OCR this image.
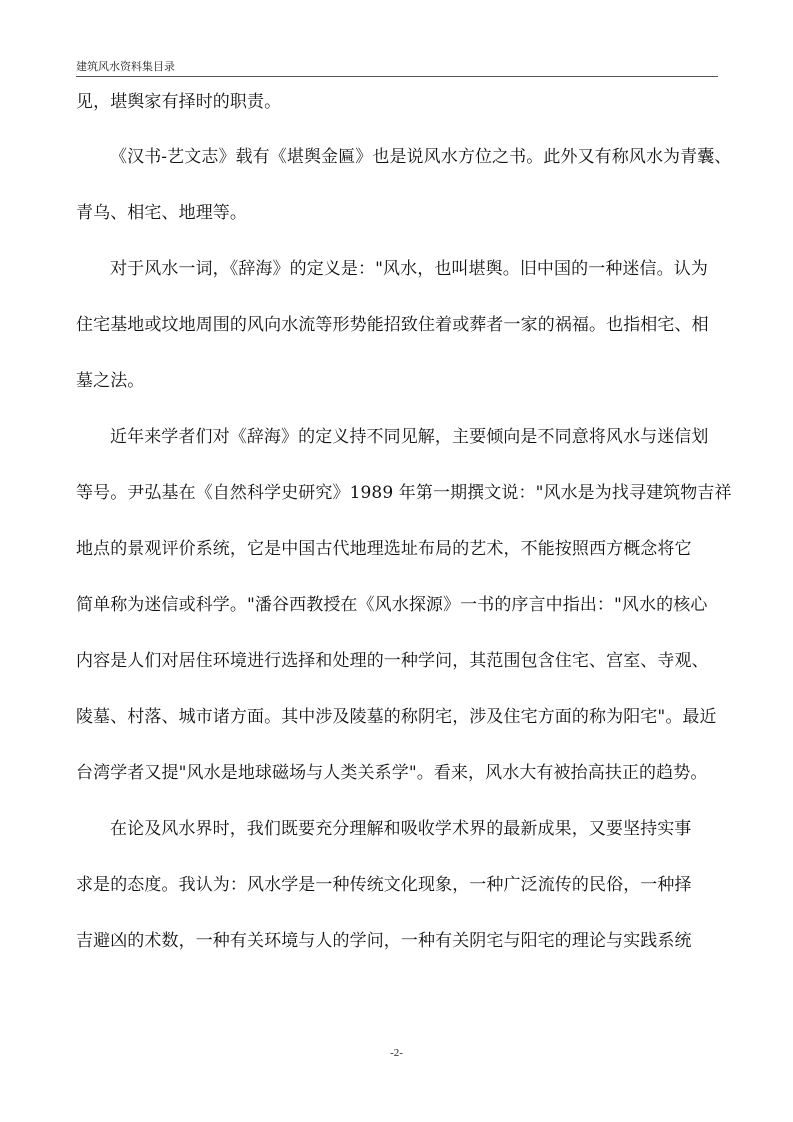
建筑风水资料集目录
见，堪舆家有择时的职责。
《汉书-艺文志》载有《堪舆金匾》也是说风水方位之书。此外又有称风水为青囊、
青乌、相宅、地理等。
对于风水一词，《辞海》的定义是："风水，也叫堪舆。旧中国的一种迷信。认为
住宅基地或坟地周围的风向水流等形势能招致住着或葬者一家的祸福。也指相宅、相
墓之法。
近年来学者们对《辞海》的定义持不同见解，主要倾向是不同意将风水与迷信划
等号。尹弘基在《自然科学史研究》1989 年第一期撰文说："风水是为找寻建筑物吉祥
地点的景观评价系统，它是中国古代地理选址布局的艺术，不能按照西方概念将它
简单称为迷信或科学。"潘谷西教授在《风水探源》一书的序言中指出："风水的核心
内容是人们对居住环境进行选择和处理的一种学问，其范围包含住宅、宫室、寺观、
陵墓、村落、城市诸方面。其中涉及陵墓的称阴宅，涉及住宅方面的称为阳宅"。最近
台湾学者又提"风水是地球磁场与人类关系学"。看来，风水大有被抬高扶正的趋势。
在论及风水界时，我们既要充分理解和吸收学术界的最新成果，又要坚持实事
求是的态度。我认为：风水学是一种传统文化现象，一种广泛流传的民俗，一种择
吉避凶的术数，一种有关环境与人的学问，一种有关阴宅与阳宅的理论与实践系统
-2-
